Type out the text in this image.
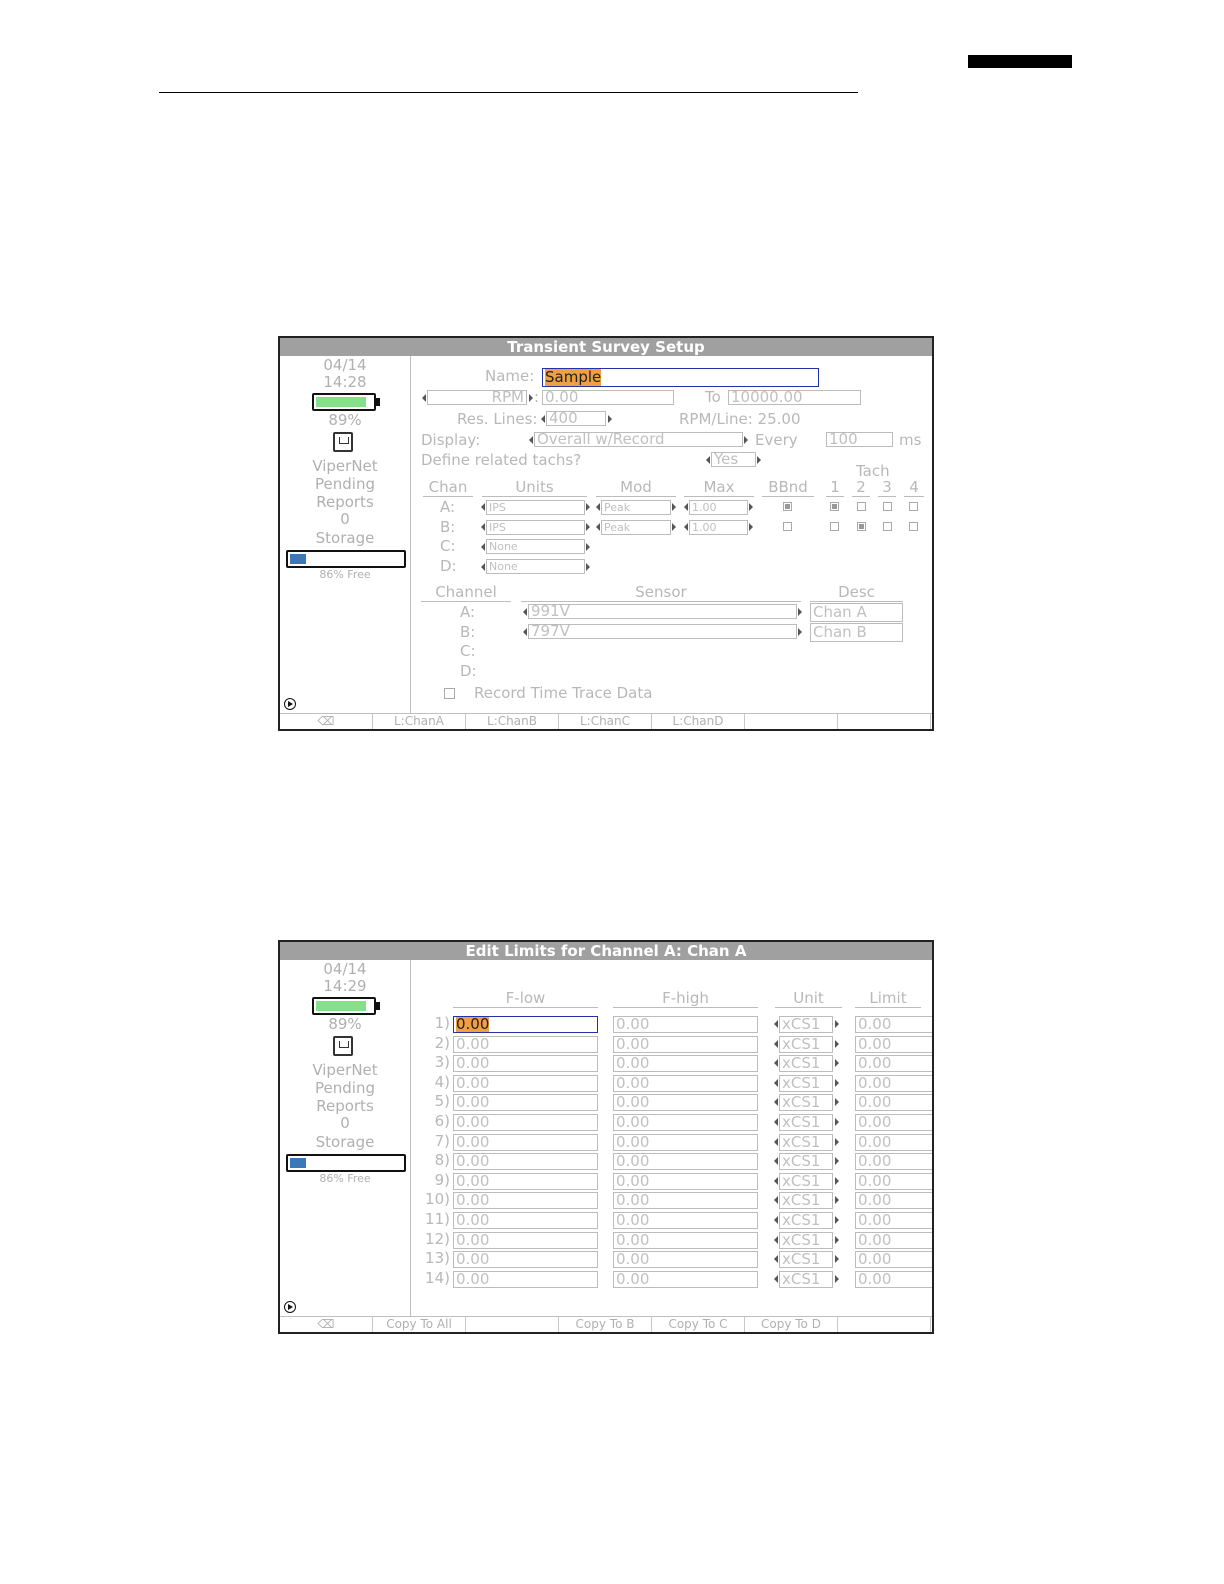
Transient Survey Setup
04/14
14:28
89%
ViperNet
Pending
Reports
0
Storage
86% Free
Name: Sample
RPM : 0.00	To 10000.00
Res. Lines: 400	RPM/Line: 25.00
Display:	Overall w/Record	Every 100	ms
Define related tachs?	Yes
Tach
Chan	Units	Mod	Max	BBnd	1 2 3	4
A:	IPS	Peak	1.00
B:	IPS	Peak	1.00
C:	None
D:	None
Channel	Sensor	Desc
A:	991V	Chan A
B:	797V	Chan B
C:
D:
Record Time Trace Data
⌫	L:ChanA	L:ChanB	L:ChanC	L:ChanD
Edit Limits for Channel A: Chan A
04/14
14:29
89%
ViperNet
Pending
Reports
0
Storage
86% Free
F-low	F-high	Unit	Limit
1) 0.00	0.00	xCS1	0.00
2) 0.00	0.00	xCS1	0.00
3) 0.00	0.00	xCS1	0.00
4) 0.00	0.00	xCS1	0.00
5) 0.00	0.00	xCS1	0.00
6) 0.00	0.00	xCS1	0.00
7) 0.00	0.00	xCS1	0.00
8) 0.00	0.00	xCS1	0.00
9) 0.00	0.00	xCS1	0.00
10) 0.00	0.00	xCS1	0.00
11) 0.00	0.00	xCS1	0.00
12) 0.00	0.00	xCS1	0.00
13) 0.00	0.00	xCS1	0.00
14) 0.00	0.00	xCS1	0.00
⌫	Copy To All	Copy To B	Copy To C	Copy To D
